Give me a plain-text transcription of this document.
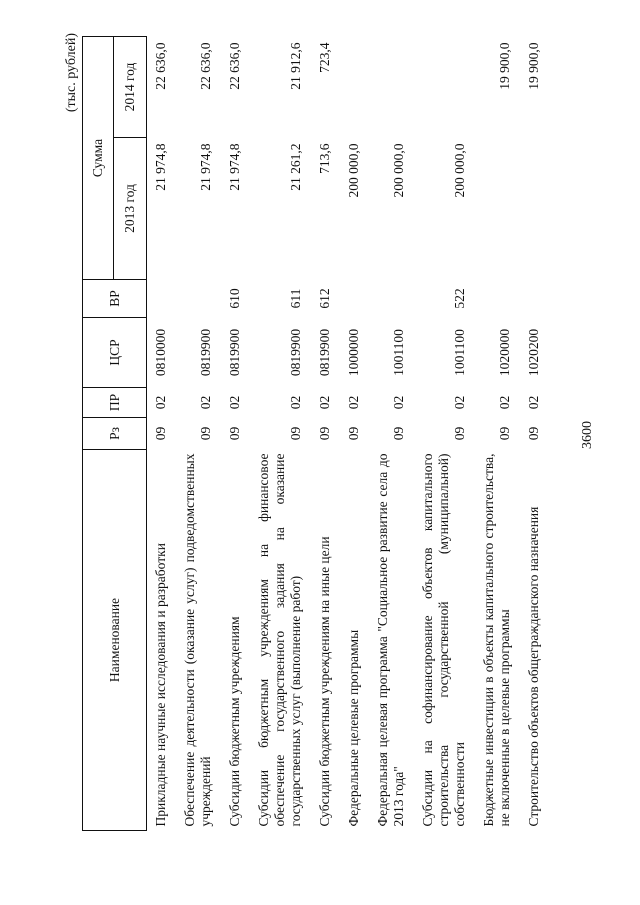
3600
(тыс. рублей)
Наименование	Рз	ПР	ЦСР	ВР	Сумма	
					2013 год	2014 год
Прикладные научные исследования и разработки	09	02	0810000		21 974,8	22 636,0
Обеспечение деятельности (оказание услуг) подведомственных учреждений	09	02	0819900		21 974,8	22 636,0
Субсидии бюджетным учреждениям	09	02	0819900	610	21 974,8	22 636,0
Субсидии бюджетным учреждениям на финансовое обеспечение государственного задания на оказание государственных услуг (выполнение работ)	09	02	0819900	611	21 261,2	21 912,6
Субсидии бюджетным учреждениям на иные цели	09	02	0819900	612	713,6	723,4
Федеральные целевые программы	09	02	1000000		200 000,0	
Федеральная целевая программа "Социальное развитие села до 2013 года"	09	02	1001100		200 000,0	
Субсидии на софинансирование объектов капитального строительства государственной (муниципальной) собственности	09	02	1001100	522	200 000,0	
Бюджетные инвестиции в объекты капитального строительства, не включенные в целевые программы	09	02	1020000			19 900,0
Строительство объектов общегражданского назначения	09	02	1020200			19 900,0
